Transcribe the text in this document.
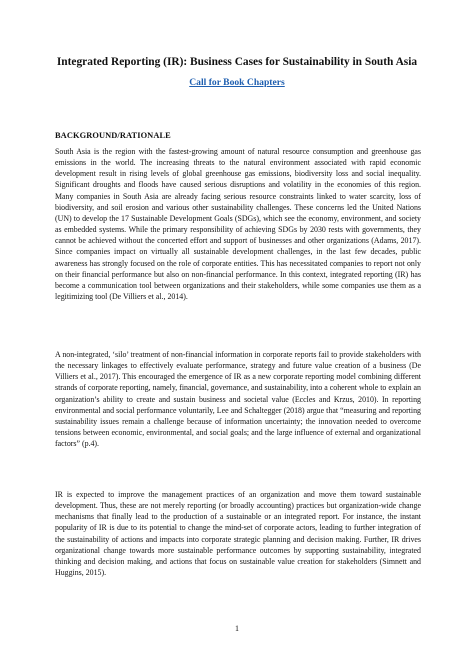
Integrated Reporting (IR): Business Cases for Sustainability in South Asia
Call for Book Chapters
BACKGROUND/RATIONALE
South Asia is the region with the fastest-growing amount of natural resource consumption and greenhouse gas emissions in the world. The increasing threats to the natural environment associated with rapid economic development result in rising levels of global greenhouse gas emissions, biodiversity loss and social inequality. Significant droughts and floods have caused serious disruptions and volatility in the economies of this region. Many companies in South Asia are already facing serious resource constraints linked to water scarcity, loss of biodiversity, and soil erosion and various other sustainability challenges. These concerns led the United Nations (UN) to develop the 17 Sustainable Development Goals (SDGs), which see the economy, environment, and society as embedded systems. While the primary responsibility of achieving SDGs by 2030 rests with governments, they cannot be achieved without the concerted effort and support of businesses and other organizations (Adams, 2017). Since companies impact on virtually all sustainable development challenges, in the last few decades, public awareness has strongly focused on the role of corporate entities. This has necessitated companies to report not only on their financial performance but also on non-financial performance. In this context, integrated reporting (IR) has become a communication tool between organizations and their stakeholders, while some companies use them as a legitimizing tool (De Villiers et al., 2014).
A non-integrated, ‘silo’ treatment of non-financial information in corporate reports fail to provide stakeholders with the necessary linkages to effectively evaluate performance, strategy and future value creation of a business (De Villiers et al., 2017). This encouraged the emergence of IR as a new corporate reporting model combining different strands of corporate reporting, namely, financial, governance, and sustainability, into a coherent whole to explain an organization’s ability to create and sustain business and societal value (Eccles and Krzus, 2010). In reporting environmental and social performance voluntarily, Lee and Schaltegger (2018) argue that “measuring and reporting sustainability issues remain a challenge because of information uncertainty; the innovation needed to overcome tensions between economic, environmental, and social goals; and the large influence of external and organizational factors” (p.4).
IR is expected to improve the management practices of an organization and move them toward sustainable development. Thus, these are not merely reporting (or broadly accounting) practices but organization-wide change mechanisms that finally lead to the production of a sustainable or an integrated report. For instance, the instant popularity of IR is due to its potential to change the mind-set of corporate actors, leading to further integration of the sustainability of actions and impacts into corporate strategic planning and decision making. Further, IR drives organizational change towards more sustainable performance outcomes by supporting sustainability, integrated thinking and decision making, and actions that focus on sustainable value creation for stakeholders (Simnett and Huggins, 2015).
1
